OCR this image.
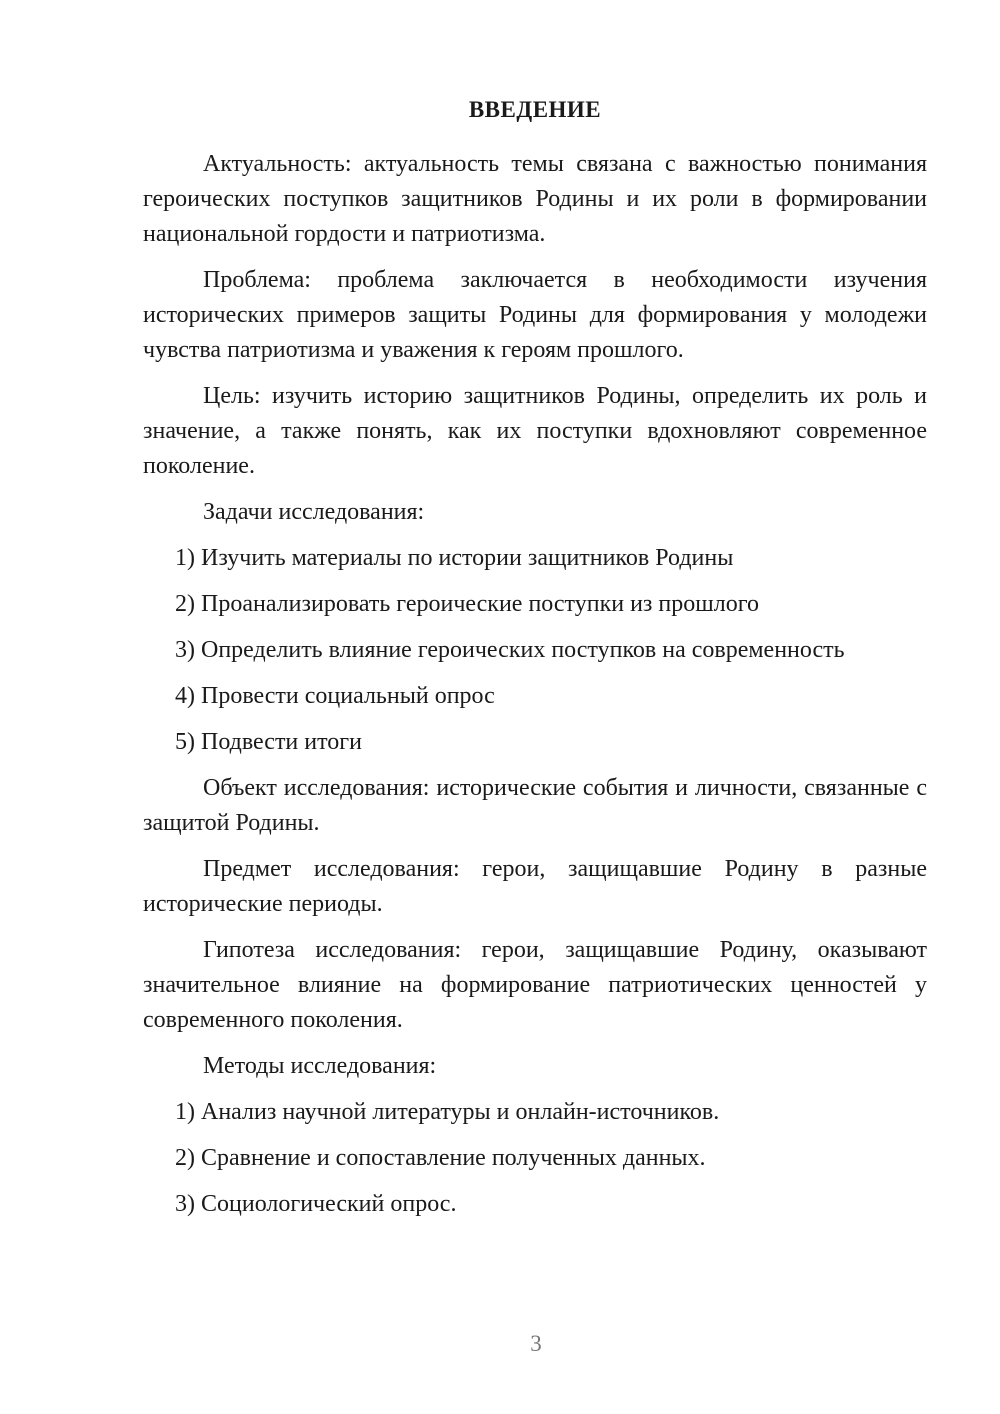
ВВЕДЕНИЕ

Актуальность: актуальность темы связана с важностью понимания героических поступков защитников Родины и их роли в формировании национальной гордости и патриотизма.

Проблема: проблема заключается в необходимости изучения исторических примеров защиты Родины для формирования у молодежи чувства патриотизма и уважения к героям прошлого.

Цель: изучить историю защитников Родины, определить их роль и значение, а также понять, как их поступки вдохновляют современное поколение.

Задачи исследования:

1) Изучить материалы по истории защитников Родины
2) Проанализировать героические поступки из прошлого
3) Определить влияние героических поступков на современность
4) Провести социальный опрос
5) Подвести итоги

Объект исследования: исторические события и личности, связанные с защитой Родины.

Предмет исследования: герои, защищавшие Родину в разные исторические периоды.

Гипотеза исследования: герои, защищавшие Родину, оказывают значительное влияние на формирование патриотических ценностей у современного поколения.

Методы исследования:

1) Анализ научной литературы и онлайн-источников.
2) Сравнение и сопоставление полученных данных.
3) Социологический опрос.
3
